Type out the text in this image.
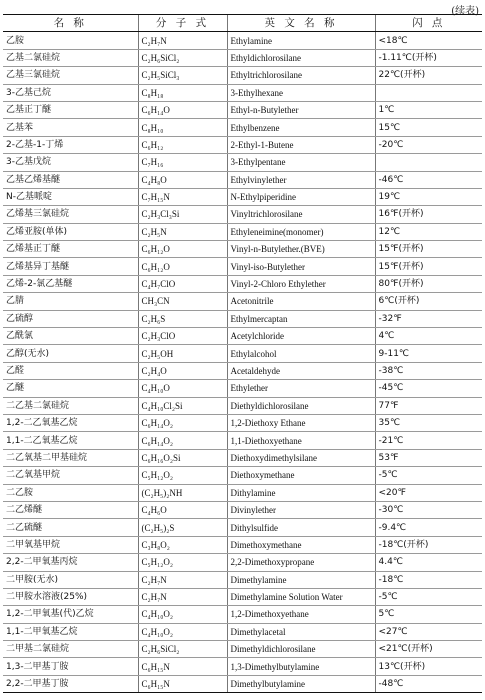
(续表)
名 称	分 子 式	英 文 名 称	闪 点
乙胺	C₂H₇N	Ethylamine	<18℃
乙基二氯硅烷	C₂H₆SiCl₂	Ethyldichlorosilane	-1.11℃(开杯)
乙基三氯硅烷	C₂H₅SiCl₃	Ethyltrichlorosilane	22℃(开杯)
3-乙基己烷	C₈H₁₈	3-Ethylhexane	
乙基正丁醚	C₆H₁₄O	Ethyl-n-Butylether	1℃
乙基苯	C₈H₁₀	Ethylbenzene	15℃
2-乙基-1-丁烯	C₆H₁₂	2-Ethyl-1-Butene	-20℃
3-乙基戊烷	C₇H₁₆	3-Ethylpentane	
乙基乙烯基醚	C₄H₈O	Ethylvinylether	-46℃
N-乙基哌啶	C₇H₁₅N	N-Ethylpiperidine	19℃
乙烯基三氯硅烷	C₂H₃Cl₃Si	Vinyltrichlorosilane	16℉(开杯)
乙烯亚胺(单体)	C₂H₅N	Ethyleneimine(monomer)	12℃
乙烯基正丁醚	C₆H₁₂O	Vinyl-n-Butylether.(BVE)	15℉(开杯)
乙烯基异丁基醚	C₆H₁₂O	Vinyl-iso-Butylether	15℉(开杯)
乙烯-2-氯乙基醚	C₄H₇ClO	Vinyl-2-Chloro Ethylether	80℉(开杯)
乙腈	CH₃CN	Acetonitrile	6℃(开杯)
乙硫醇	C₂H₆S	Ethylmercaptan	-32℉
乙酰氯	C₂H₃ClO	Acetylchloride	4℃
乙醇(无水)	C₂H₅OH	Ethylalcohol	9-11℃
乙醛	C₂H₄O	Acetaldehyde	-38℃
乙醚	C₄H₁₀O	Ethylether	-45℃
二乙基二氯硅烷	C₄H₁₀Cl₂Si	Diethyldichlorosilane	77℉
1,2-二乙氧基乙烷	C₆H₁₄O₂	1,2-Diethoxy Ethane	35℃
1,1-二乙氧基乙烷	C₆H₁₄O₂	1,1-Diethoxyethane	-21℃
二乙氧基二甲基硅烷	C₆H₁₆O₂Si	Diethoxydimethylsilane	53℉
二乙氧基甲烷	C₅H₁₂O₂	Diethoxymethane	-5℃
二乙胺	(C₂H₅)₂NH	Dithylamine	<20℉
二乙烯醚	C₄H₆O	Divinylether	-30℃
二乙硫醚	(C₂H₅)₂S	Dithylsulfide	-9.4℃
二甲氧基甲烷	C₃H₈O₂	Dimethoxymethane	-18℃(开杯)
2,2-二甲氧基丙烷	C₅H₁₂O₂	2,2-Dimethoxypropane	4.4℃
二甲胺(无水)	C₂H₇N	Dimethylamine	-18℃
二甲胺水溶液(25%)	C₂H₇N	Dimethylamine Solution Water	-5℃
1,2-二甲氧基(代)乙烷	C₄H₁₀O₂	1,2-Dimethoxyethane	5℃
1,1-二甲氧基乙烷	C₄H₁₀O₂	Dimethylacetal	<27℃
二甲基二氯硅烷	C₂H₆SiCl₂	Dimethyldichlorosilane	<21℃(开杯)
1,3-二甲基丁胺	C₆H₁₅N	1,3-Dimethylbutylamine	13℃(开杯)
2,2-二甲基丁胺	C₆H₁₅N	Dimethylbutylamine	-48℃
